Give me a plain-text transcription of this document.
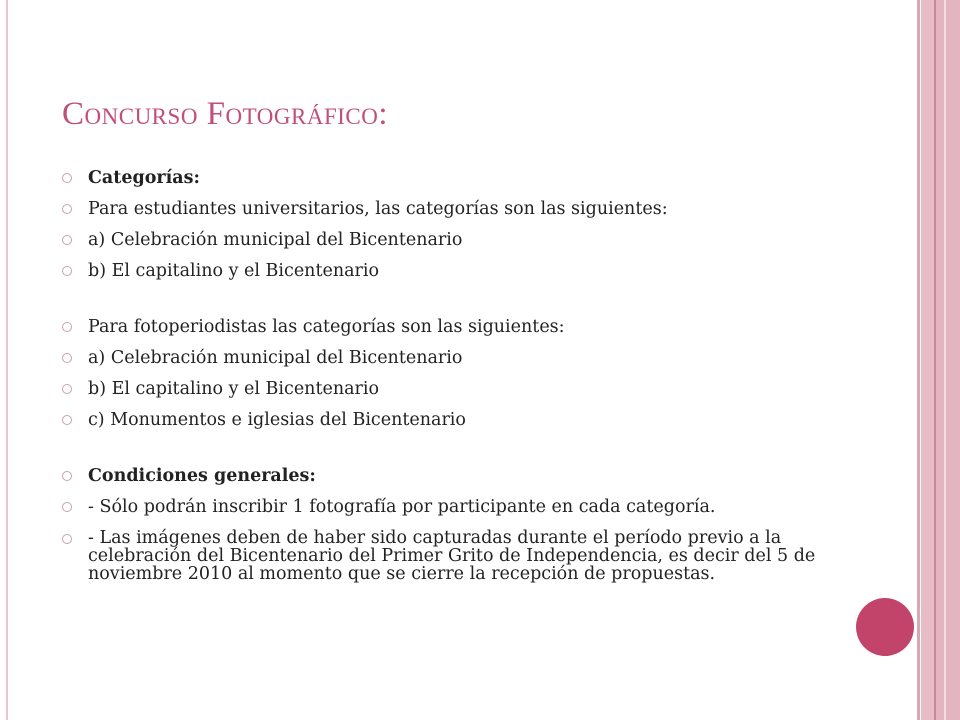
Concurso Fotográfico:
Categorías:
Para estudiantes universitarios, las categorías son las siguientes:
a) Celebración municipal del Bicentenario
b) El capitalino y el Bicentenario
Para fotoperiodistas las categorías son las siguientes:
a) Celebración municipal del Bicentenario
b) El capitalino y el Bicentenario
c) Monumentos e iglesias del Bicentenario
Condiciones generales:
- Sólo podrán inscribir 1 fotografía por participante en cada categoría.
- Las imágenes deben de haber sido capturadas durante el período previo a la celebración del Bicentenario del Primer Grito de Independencia, es decir del 5 de noviembre 2010 al momento que se cierre la recepción de propuestas.
